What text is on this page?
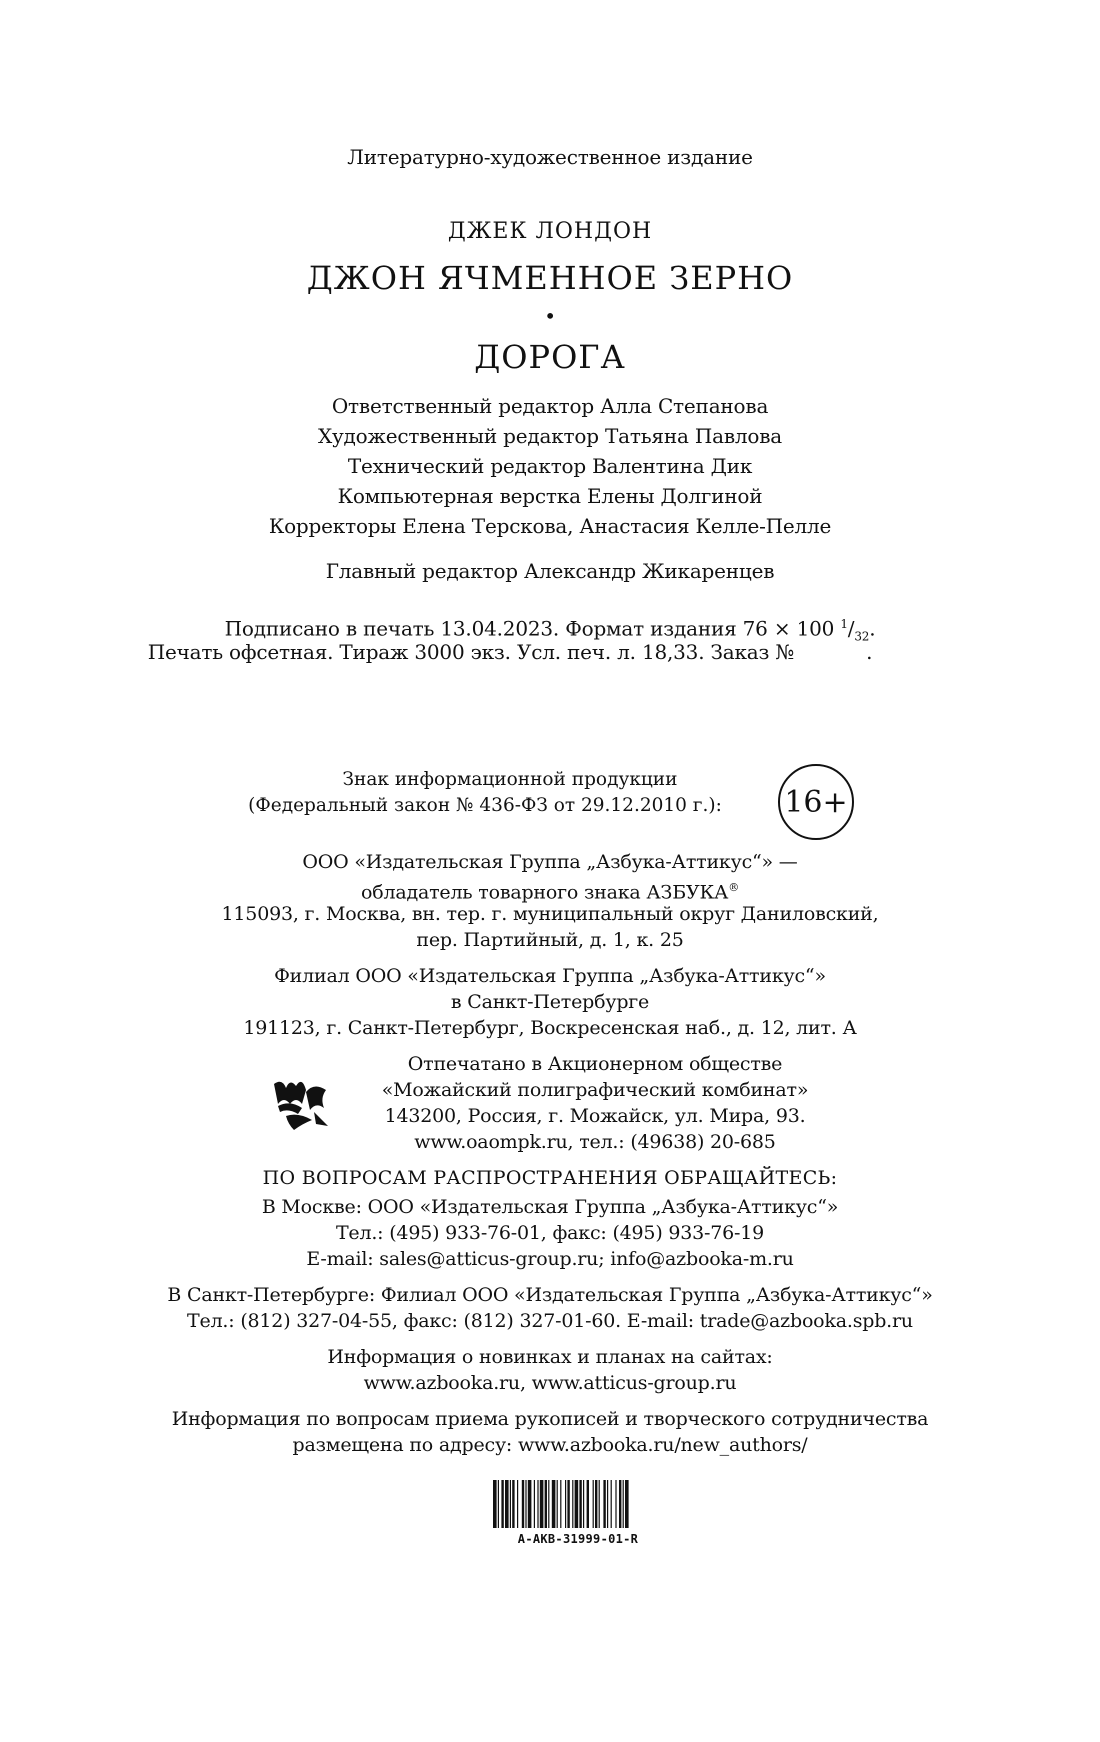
Литературно-художественное издание
ДЖЕК ЛОНДОН
ДЖОН ЯЧМЕННОЕ ЗЕРНО
•
ДОРОГА
Ответственный редактор Алла Степанова
Художественный редактор Татьяна Павлова
Технический редактор Валентина Дик
Компьютерная верстка Елены Долгиной
Корректоры Елена Терскова, Анастасия Келле-Пелле
Главный редактор Александр Жикаренцев
Подписано в печать 13.04.2023. Формат издания 76 × 100 $^1/_{32}$.
Печать офсетная. Тираж 3000 экз. Усл. печ. л. 18,33. Заказ №	.
Знак информационной продукции
(Федеральный закон № 436-ФЗ от 29.12.2010 г.):	16+
ООО «Издательская Группа „Азбука-Аттикус“» —
обладатель товарного знака АЗБУКА®
115093, г. Москва, вн. тер. г. муниципальный округ Даниловский,
пер. Партийный, д. 1, к. 25
Филиал ООО «Издательская Группа „Азбука-Аттикус“»
в Санкт-Петербурге
191123, г. Санкт-Петербург, Воскресенская наб., д. 12, лит. А
Отпечатано в Акционерном обществе
«Можайский полиграфический комбинат»
143200, Россия, г. Можайск, ул. Мира, 93.
www.oaompk.ru, тел.: (49638) 20-685
ПО ВОПРОСАМ РАСПРОСТРАНЕНИЯ ОБРАЩАЙТЕСЬ:
В Москве: ООО «Издательская Группа „Азбука-Аттикус“»
Тел.: (495) 933-76-01, факс: (495) 933-76-19
E-mail: sales@atticus-group.ru; info@azbooka-m.ru
В Санкт-Петербурге: Филиал ООО «Издательская Группа „Азбука-Аттикус“»
Тел.: (812) 327-04-55, факс: (812) 327-01-60. E-mail: trade@azbooka.spb.ru
Информация о новинках и планах на сайтах:
www.azbooka.ru, www.atticus-group.ru
Информация по вопросам приема рукописей и творческого сотрудничества
размещена по адресу: www.azbooka.ru/new_authors/
A-AKB-31999-01-R
